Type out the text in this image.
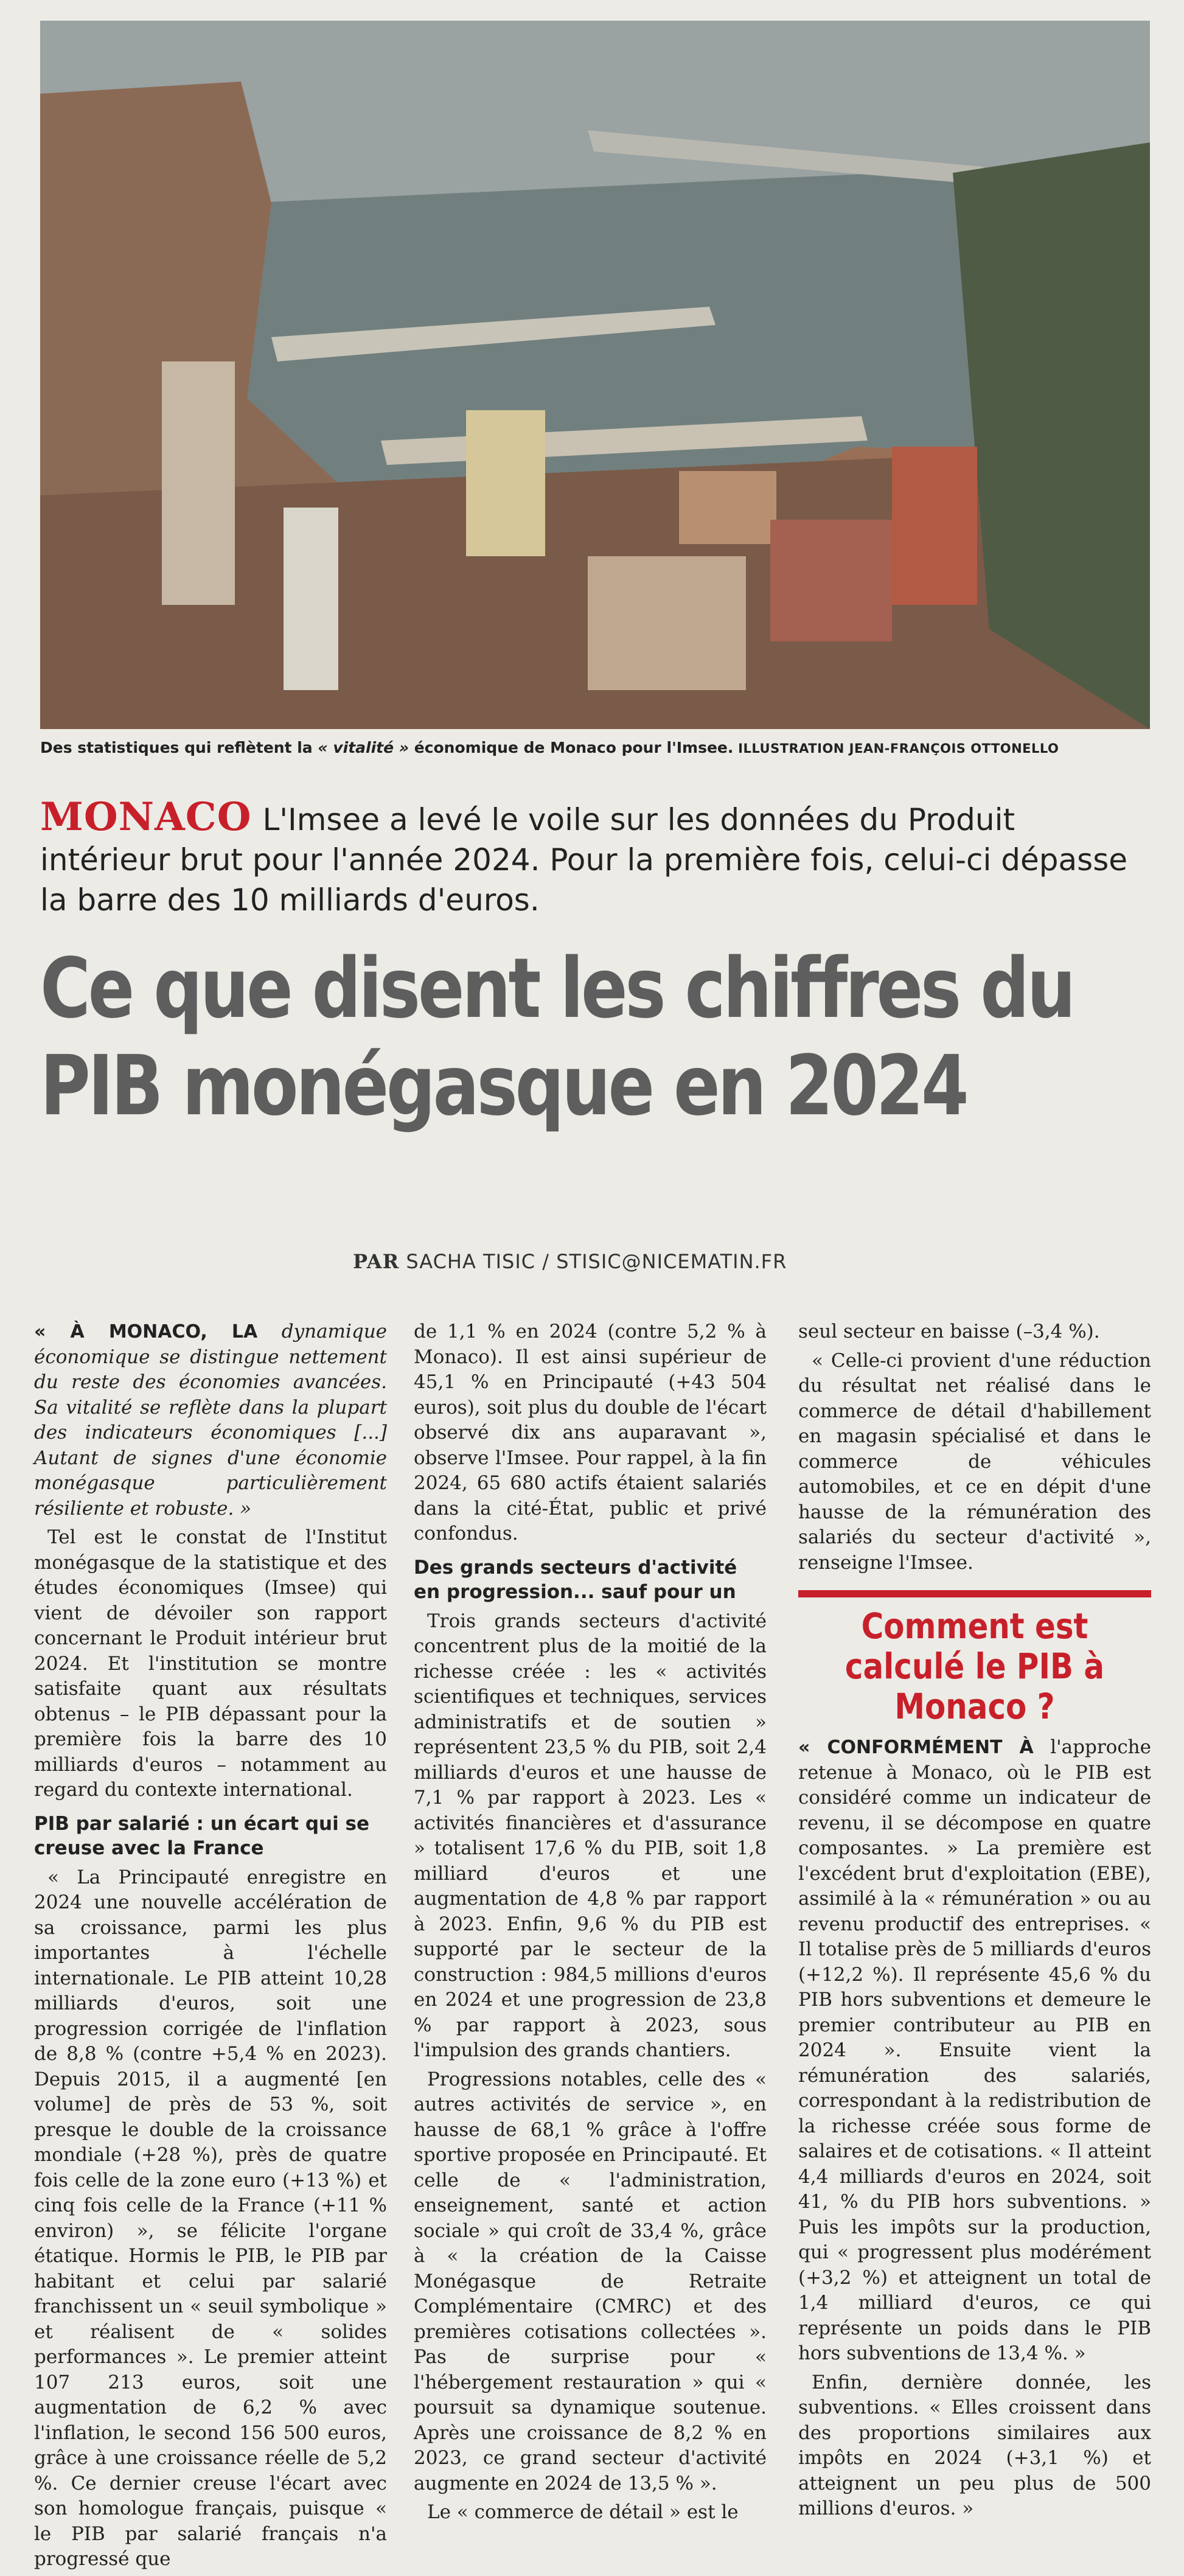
Des statistiques qui reflètent la « vitalité » économique de Monaco pour l'Imsee. ILLUSTRATION JEAN-FRANÇOIS OTTONELLO
MONACO L'Imsee a levé le voile sur les données du Produit intérieur brut pour l'année 2024. Pour la première fois, celui-ci dépasse la barre des 10 milliards d'euros.
Ce que disent les chiffres du
PIB monégasque en 2024
PAR SACHA TISIC / STISIC@NICEMATIN.FR

« À MONACO, LA dynamique économique se distingue nettement du reste des économies avancées. Sa vitalité se reflète dans la plupart des indicateurs économiques [...] Autant de signes d'une économie monégasque particulièrement résiliente et robuste. »

Tel est le constat de l'Institut monégasque de la statistique et des études économiques (Imsee) qui vient de dévoiler son rapport concernant le Produit intérieur brut 2024. Et l'institution se montre satisfaite quant aux résultats obtenus – le PIB dépassant pour la première fois la barre des 10 milliards d'euros – notamment au regard du contexte international.

PIB par salarié : un écart qui se creuse avec la France

« La Principauté enregistre en 2024 une nouvelle accélération de sa croissance, parmi les plus importantes à l'échelle internationale. Le PIB atteint 10,28 milliards d'euros, soit une progression corrigée de l'inflation de 8,8 % (contre +5,4 % en 2023). Depuis 2015, il a augmenté [en volume] de près de 53 %, soit presque le double de la croissance mondiale (+28 %), près de quatre fois celle de la zone euro (+13 %) et cinq fois celle de la France (+11 % environ) », se félicite l'organe étatique. Hormis le PIB, le PIB par habitant et celui par salarié franchissent un « seuil symbolique » et réalisent de « solides performances ». Le premier atteint 107 213 euros, soit une augmentation de 6,2 % avec l'inflation, le second 156 500 euros, grâce à une croissance réelle de 5,2 %. Ce dernier creuse l'écart avec son homologue français, puisque « le PIB par salarié français n'a progressé que

de 1,1 % en 2024 (contre 5,2 % à Monaco). Il est ainsi supérieur de 45,1 % en Principauté (+43 504 euros), soit plus du double de l'écart observé dix ans auparavant », observe l'Imsee. Pour rappel, à la fin 2024, 65 680 actifs étaient salariés dans la cité-État, public et privé confondus.

Des grands secteurs d'activité en progression... sauf pour un

Trois grands secteurs d'activité concentrent plus de la moitié de la richesse créée : les « activités scientifiques et techniques, services administratifs et de soutien » représentent 23,5 % du PIB, soit 2,4 milliards d'euros et une hausse de 7,1 % par rapport à 2023. Les « activités financières et d'assurance » totalisent 17,6 % du PIB, soit 1,8 milliard d'euros et une augmentation de 4,8 % par rapport à 2023. Enfin, 9,6 % du PIB est supporté par le secteur de la construction : 984,5 millions d'euros en 2024 et une progression de 23,8 % par rapport à 2023, sous l'impulsion des grands chantiers.

Progressions notables, celle des « autres activités de service », en hausse de 68,1 % grâce à l'offre sportive proposée en Principauté. Et celle de « l'administration, enseignement, santé et action sociale » qui croît de 33,4 %, grâce à « la création de la Caisse Monégasque de Retraite Complémentaire (CMRC) et des premières cotisations collectées ». Pas de surprise pour « l'hébergement restauration » qui « poursuit sa dynamique soutenue. Après une croissance de 8,2 % en 2023, ce grand secteur d'activité augmente en 2024 de 13,5 % ».

Le « commerce de détail » est le

seul secteur en baisse (–3,4 %).

« Celle-ci provient d'une réduction du résultat net réalisé dans le commerce de détail d'habillement en magasin spécialisé et dans le commerce de véhicules automobiles, et ce en dépit d'une hausse de la rémunération des salariés du secteur d'activité », renseigne l'Imsee.

Comment est calculé le PIB à Monaco ?

« CONFORMÉMENT À l'approche retenue à Monaco, où le PIB est considéré comme un indicateur de revenu, il se décompose en quatre composantes. » La première est l'excédent brut d'exploitation (EBE), assimilé à la « rémunération » ou au revenu productif des entreprises. « Il totalise près de 5 milliards d'euros (+12,2 %). Il représente 45,6 % du PIB hors subventions et demeure le premier contributeur au PIB en 2024 ». Ensuite vient la rémunération des salariés, correspondant à la redistribution de la richesse créée sous forme de salaires et de cotisations. « Il atteint 4,4 milliards d'euros en 2024, soit 41, % du PIB hors subventions. » Puis les impôts sur la production, qui « progressent plus modérément (+3,2 %) et atteignent un total de 1,4 milliard d'euros, ce qui représente un poids dans le PIB hors subventions de 13,4 %. »

Enfin, dernière donnée, les subventions. « Elles croissent dans des proportions similaires aux impôts en 2024 (+3,1 %) et atteignent un peu plus de 500 millions d'euros. »
